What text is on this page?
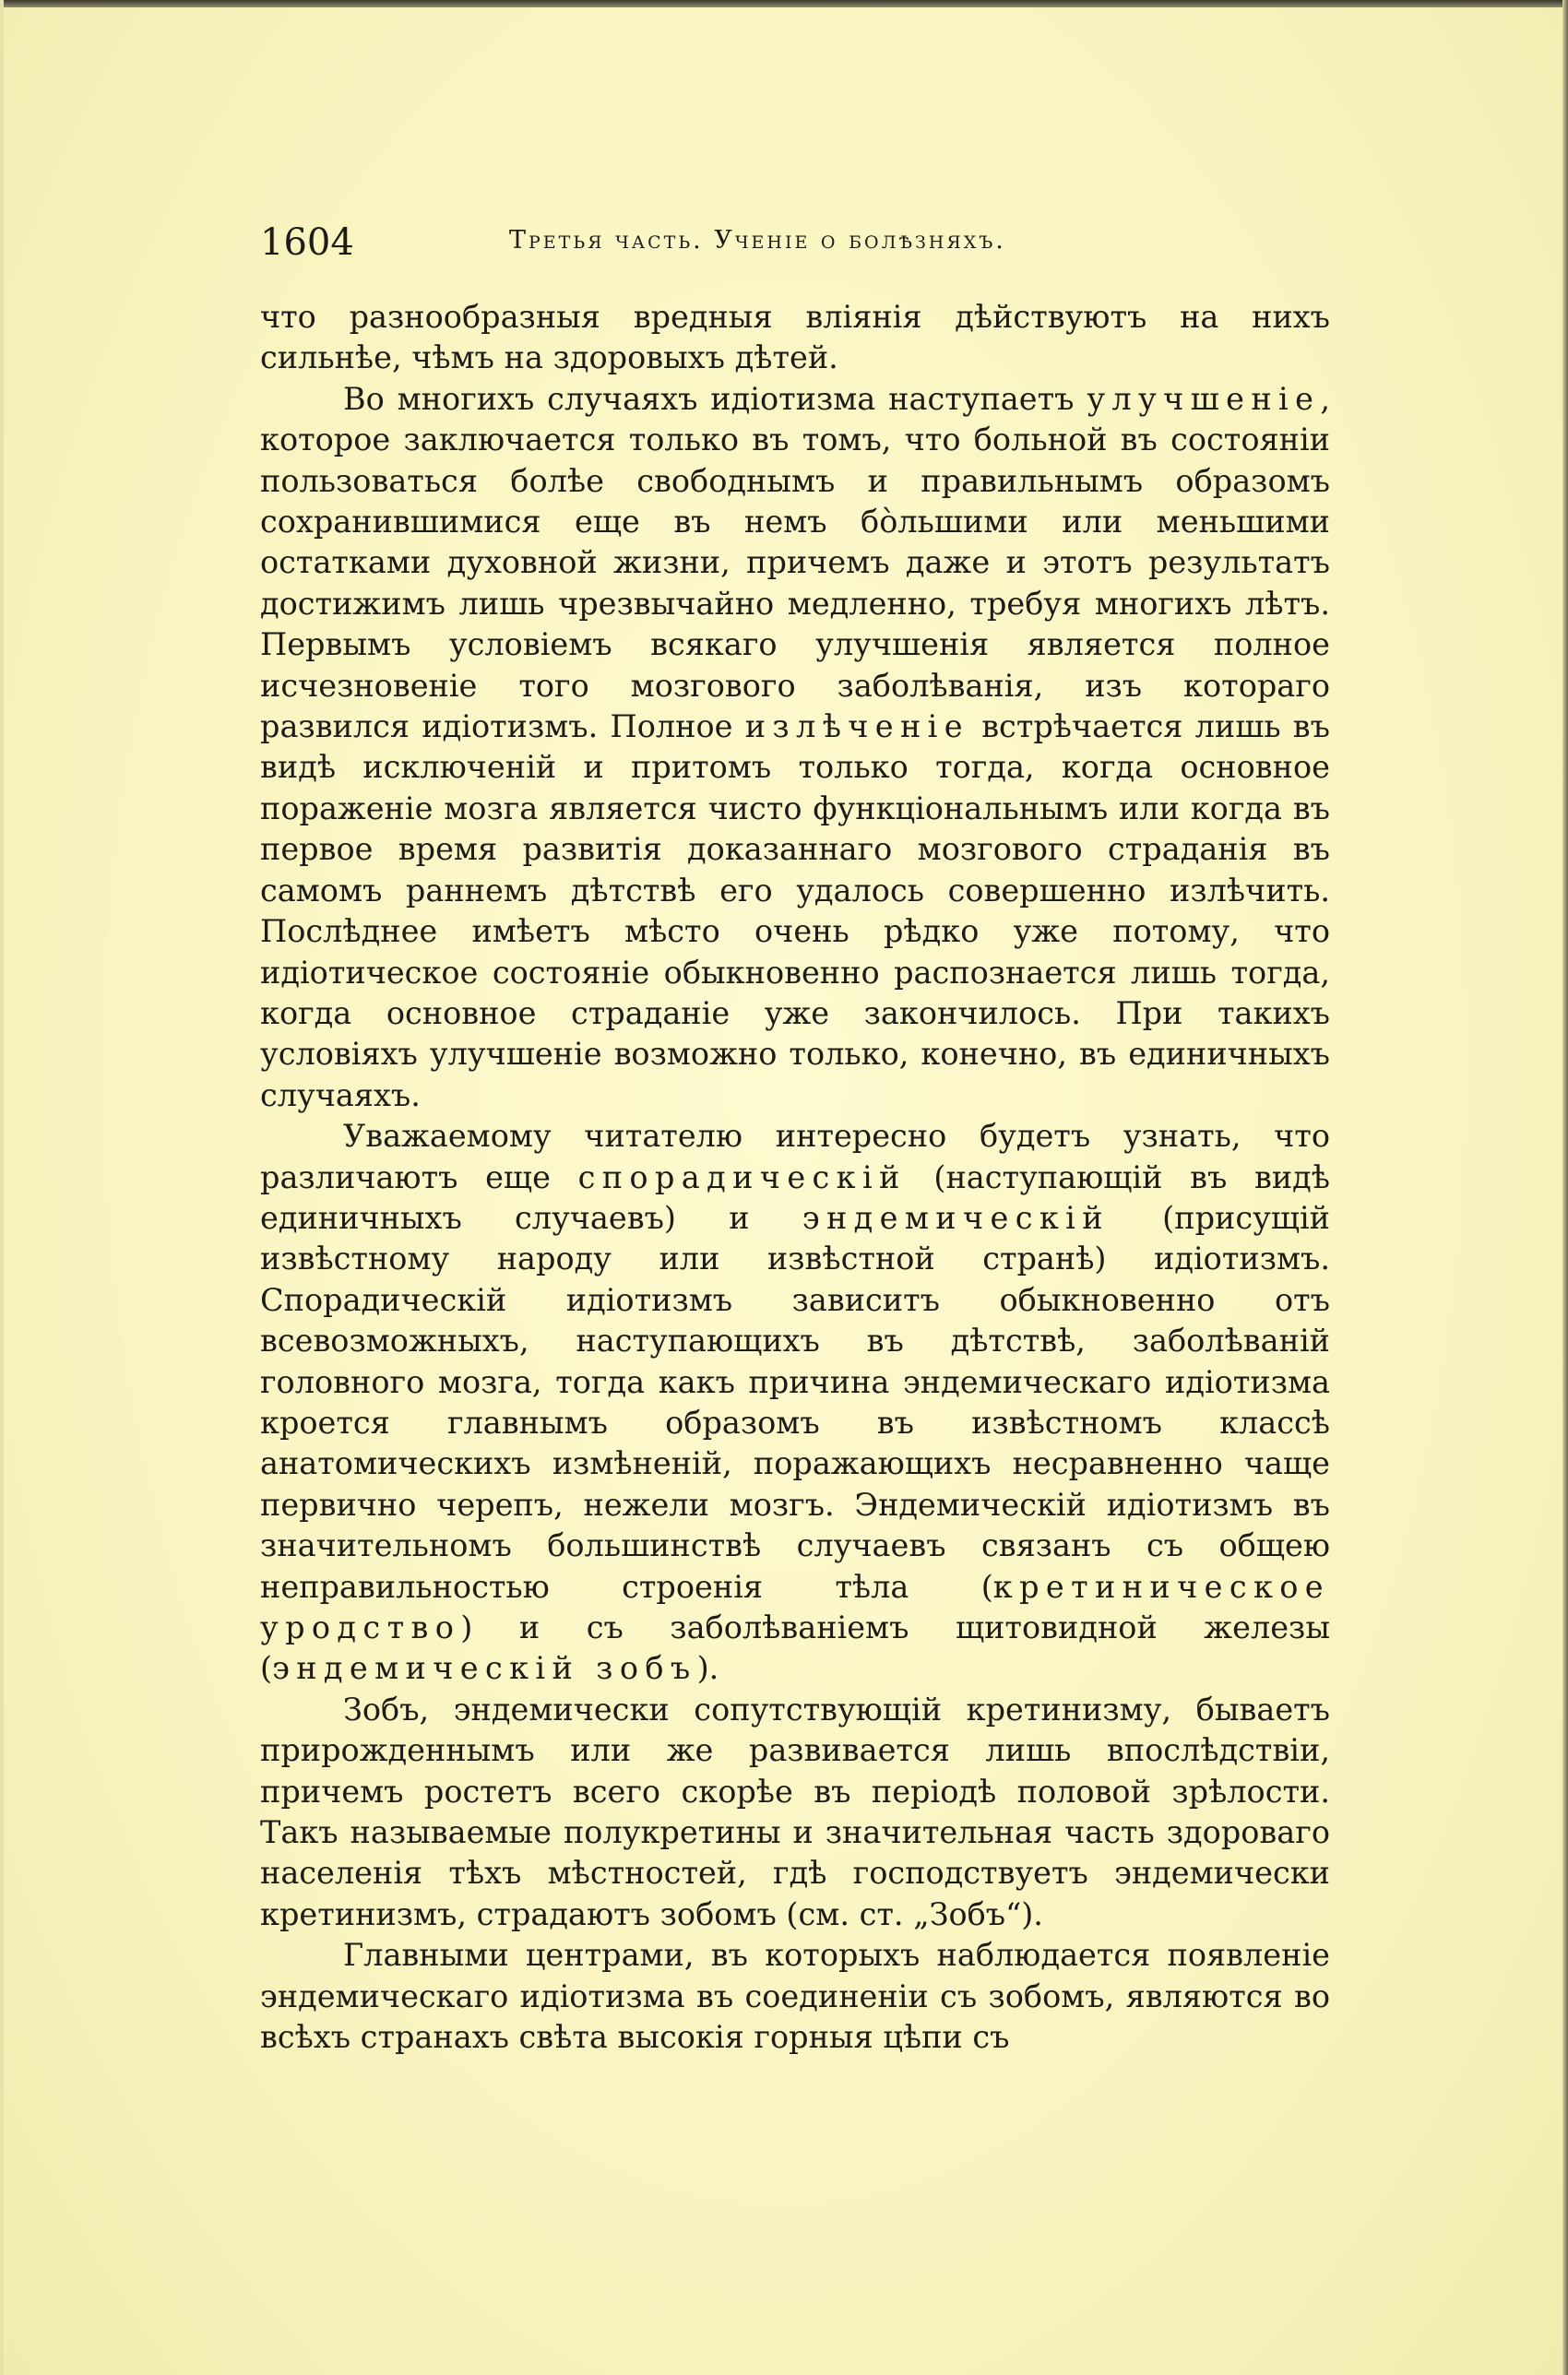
1604	Третья часть. Ученіе о болѣзняхъ.

что разнообразныя вредныя вліянія дѣйствуютъ на нихъ сильнѣе, чѣмъ на здоровыхъ дѣтей.

Во многихъ случаяхъ идіотизма наступаетъ улучшеніе, которое заключается только въ томъ, что больной въ состояніи пользоваться болѣе свободнымъ и правильнымъ образомъ сохранившимися еще въ немъ бо̀льшими или меньшими остатками духовной жизни, причемъ даже и этотъ результатъ достижимъ лишь чрезвычайно медленно, требуя многихъ лѣтъ. Первымъ условіемъ всякаго улучшенія является полное исчезновеніе того мозгового заболѣванія, изъ котораго развился идіотизмъ. Полное излѣченіе встрѣчается лишь въ видѣ исключеній и притомъ только тогда, когда основное пораженіе мозга является чисто функціональнымъ или когда въ первое время развитія доказаннаго мозгового страданія въ самомъ раннемъ дѣтствѣ его удалось совершенно излѣчить. Послѣднее имѣетъ мѣсто очень рѣдко уже потому, что идіотическое состояніе обыкновенно распознается лишь тогда, когда основное страданіе уже закончилось. При такихъ условіяхъ улучшеніе возможно только, конечно, въ единичныхъ случаяхъ.

Уважаемому читателю интересно будетъ узнать, что различаютъ еще спорадическій (наступающій въ видѣ единичныхъ случаевъ) и эндемическій (присущій извѣстному народу или извѣстной странѣ) идіотизмъ. Спорадическій идіотизмъ зависитъ обыкновенно отъ всевозможныхъ, наступающихъ въ дѣтствѣ, заболѣваній головного мозга, тогда какъ причина эндемическаго идіотизма кроется главнымъ образомъ въ извѣстномъ классѣ анатомическихъ измѣненій, поражающихъ несравненно чаще первично черепъ, нежели мозгъ. Эндемическій идіотизмъ въ значительномъ большинствѣ случаевъ связанъ съ общею неправильностью строенія тѣла (кретиническое уродство) и съ заболѣваніемъ щитовидной железы (эндемическій зобъ).

Зобъ, эндемически сопутствующій кретинизму, бываетъ прирожденнымъ или же развивается лишь впослѣдствіи, причемъ ростетъ всего скорѣе въ періодѣ половой зрѣлости. Такъ называемые полукретины и значительная часть здороваго населенія тѣхъ мѣстностей, гдѣ господствуетъ эндемически кретинизмъ, страдаютъ зобомъ (см. ст. „Зобъ“).

Главными центрами, въ которыхъ наблюдается появленіе эндемическаго идіотизма въ соединеніи съ зобомъ, являются во всѣхъ странахъ свѣта высокія горныя цѣпи съ
